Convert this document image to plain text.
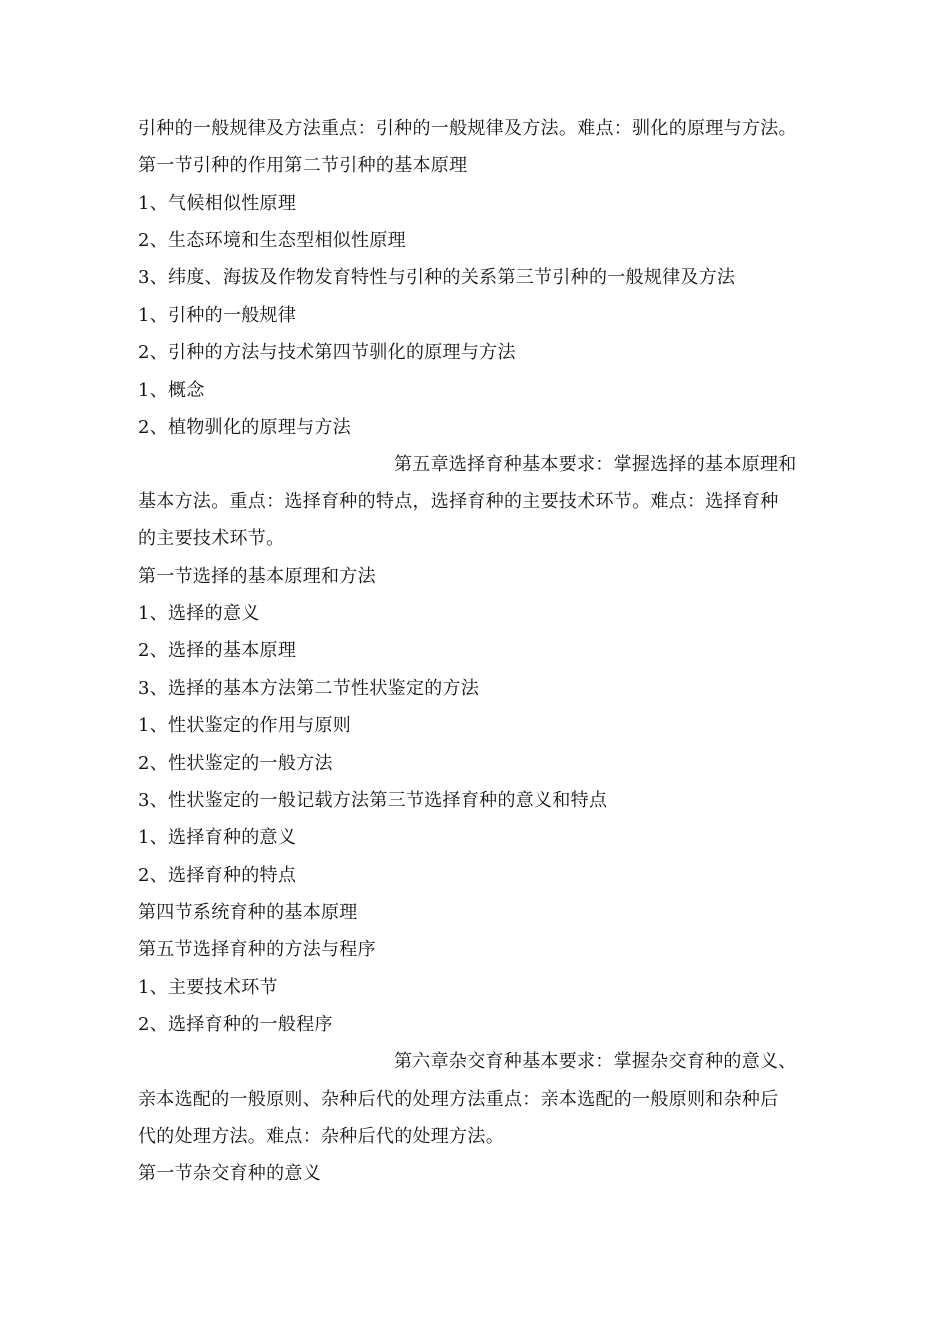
引种的一般规律及方法重点：引种的一般规律及方法。难点：驯化的原理与方法。
第一节引种的作用第二节引种的基本原理
1、气候相似性原理
2、生态环境和生态型相似性原理
3、纬度、海拔及作物发育特性与引种的关系第三节引种的一般规律及方法
1、引种的一般规律
2、引种的方法与技术第四节驯化的原理与方法
1、概念
2、植物驯化的原理与方法
第五章选择育种基本要求：掌握选择的基本原理和
基本方法。重点：选择育种的特点，选择育种的主要技术环节。难点：选择育种
的主要技术环节。
第一节选择的基本原理和方法
1、选择的意义
2、选择的基本原理
3、选择的基本方法第二节性状鉴定的方法
1、性状鉴定的作用与原则
2、性状鉴定的一般方法
3、性状鉴定的一般记载方法第三节选择育种的意义和特点
1、选择育种的意义
2、选择育种的特点
第四节系统育种的基本原理
第五节选择育种的方法与程序
1、主要技术环节
2、选择育种的一般程序
第六章杂交育种基本要求：掌握杂交育种的意义、
亲本选配的一般原则、杂种后代的处理方法重点：亲本选配的一般原则和杂种后
代的处理方法。难点：杂种后代的处理方法。
第一节杂交育种的意义
